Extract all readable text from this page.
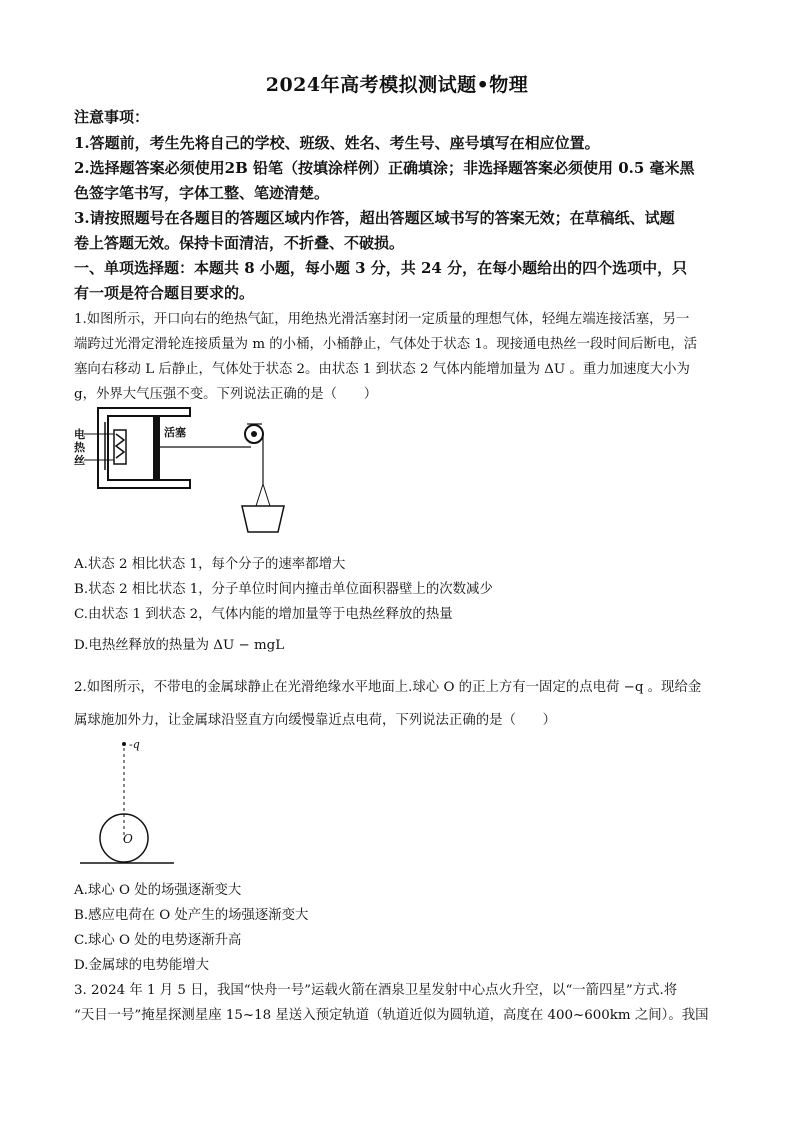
2024年高考模拟测试题•物理
注意事项：
1.答题前，考生先将自己的学校、班级、姓名、考生号、座号填写在相应位置。
2.选择题答案必须使用2B 铅笔（按填涂样例）正确填涂；非选择题答案必须使用 0.5 毫米黑
色签字笔书写，字体工整、笔迹清楚。
3.请按照题号在各题目的答题区域内作答，超出答题区域书写的答案无效；在草稿纸、试题
卷上答题无效。保持卡面清洁，不折叠、不破损。
一、单项选择题：本题共 8 小题，每小题 3 分，共 24 分，在每小题给出的四个选项中，只
有一项是符合题目要求的。
1.如图所示，开口向右的绝热气缸，用绝热光滑活塞封闭一定质量的理想气体，轻绳左端连接活塞，另一
端跨过光滑定滑轮连接质量为 m 的小桶，小桶静止，气体处于状态 1。现接通电热丝一段时间后断电，活
塞向右移动 L 后静止，气体处于状态 2。由状态 1 到状态 2 气体内能增加量为 ΔU 。重力加速度大小为
g，外界大气压强不变。下列说法正确的是（　　）
电
热
丝
活塞
A.状态 2 相比状态 1，每个分子的速率都增大
B.状态 2 相比状态 1，分子单位时间内撞击单位面积器壁上的次数减少
C.由状态 1 到状态 2，气体内能的增加量等于电热丝释放的热量
D.电热丝释放的热量为 ΔU − mgL
2.如图所示，不带电的金属球静止在光滑绝缘水平地面上.球心 O 的正上方有一固定的点电荷 −q 。现给金
属球施加外力，让金属球沿竖直方向缓慢靠近点电荷，下列说法正确的是（　　）
-q
O
A.球心 O 处的场强逐渐变大
B.感应电荷在 O 处产生的场强逐渐变大
C.球心 O 处的电势逐渐升高
D.金属球的电势能增大
3. 2024 年 1 月 5 日，我国“快舟一号”运载火箭在酒泉卫星发射中心点火升空，以“一箭四星”方式.将
“天目一号”掩星探测星座 15~18 星送入预定轨道（轨道近似为圆轨道，高度在 400~600km 之间）。我国
